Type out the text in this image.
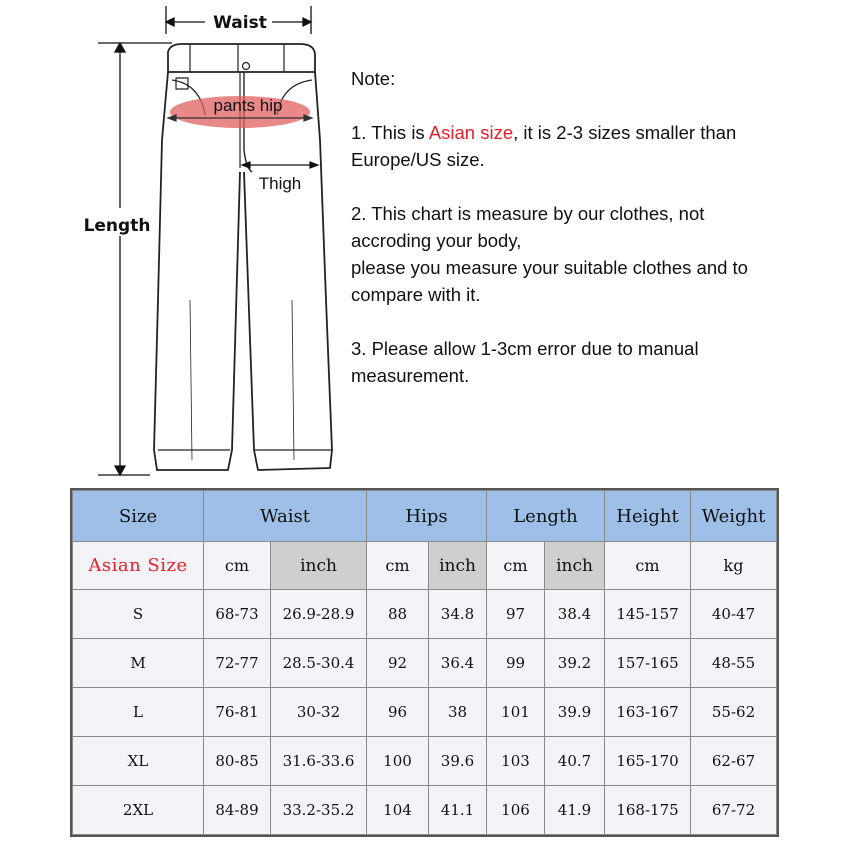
Waist
Length
pants hip
Thigh

Note:

1. This is Asian size, it is 2-3 sizes smaller than

Europe/US size.

2. This chart is measure by our clothes, not

accroding your body,

please you measure your suitable clothes and to

compare with it.

3. Please allow 1-3cm error due to manual

measurement.

Size	Waist		Hips		Length		Height	Weight
Asian Size	cm	inch	cm	inch	cm	inch	cm	kg
S	68-73	26.9-28.9	88	34.8	97	38.4	145-157	40-47
M	72-77	28.5-30.4	92	36.4	99	39.2	157-165	48-55
L	76-81	30-32	96	38	101	39.9	163-167	55-62
XL	80-85	31.6-33.6	100	39.6	103	40.7	165-170	62-67
2XL	84-89	33.2-35.2	104	41.1	106	41.9	168-175	67-72
